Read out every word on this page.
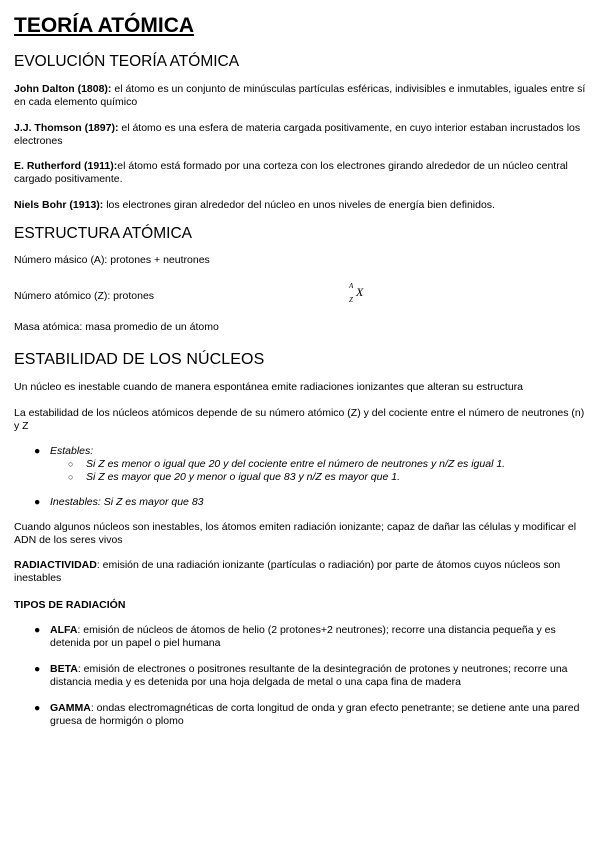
TEORÍA ATÓMICA
EVOLUCIÓN TEORÍA ATÓMICA

John Dalton (1808): el átomo es un conjunto de minúsculas partículas esféricas, indivisibles e inmutables, iguales entre sí en cada elemento químico

J.J. Thomson (1897): el átomo es una esfera de materia cargada positivamente, en cuyo interior estaban incrustados los electrones

E. Rutherford (1911):el átomo está formado por una corteza con los electrones girando alrededor de un núcleo central cargado positivamente.

Niels Bohr (1913): los electrones giran alrededor del núcleo en unos niveles de energía bien definidos.

ESTRUCTURA ATÓMICA

Número másico (A): protones + neutrones

Número atómico (Z): protones

A
Z
X

Masa atómica: masa promedio de un átomo

ESTABILIDAD DE LOS NÚCLEOS

Un núcleo es inestable cuando de manera espontánea emite radiaciones ionizantes que alteran su estructura

La estabilidad de los núcleos atómicos depende de su número atómico (Z) y del cociente entre el número de neutrones (n) y Z

● Estables:
○ Si Z es menor o igual que 20 y del cociente entre el número de neutrones y n/Z es igual 1.
○ Si Z es mayor que 20 y menor o igual que 83 y n/Z es mayor que 1.
● Inestables: Si Z es mayor que 83

Cuando algunos núcleos son inestables, los átomos emiten radiación ionizante; capaz de dañar las células y modificar el ADN de los seres vivos

RADIACTIVIDAD: emisión de una radiación ionizante (partículas o radiación) por parte de átomos cuyos núcleos son inestables

TIPOS DE RADIACIÓN

● ALFA: emisión de núcleos de átomos de helio (2 protones+2 neutrones); recorre una distancia pequeña y es detenida por un papel o piel humana
● BETA: emisión de electrones o positrones resultante de la desintegración de protones y neutrones; recorre una distancia media y es detenida por una hoja delgada de metal o una capa fina de madera
● GAMMA: ondas electromagnéticas de corta longitud de onda y gran efecto penetrante; se detiene ante una pared gruesa de hormigón o plomo
